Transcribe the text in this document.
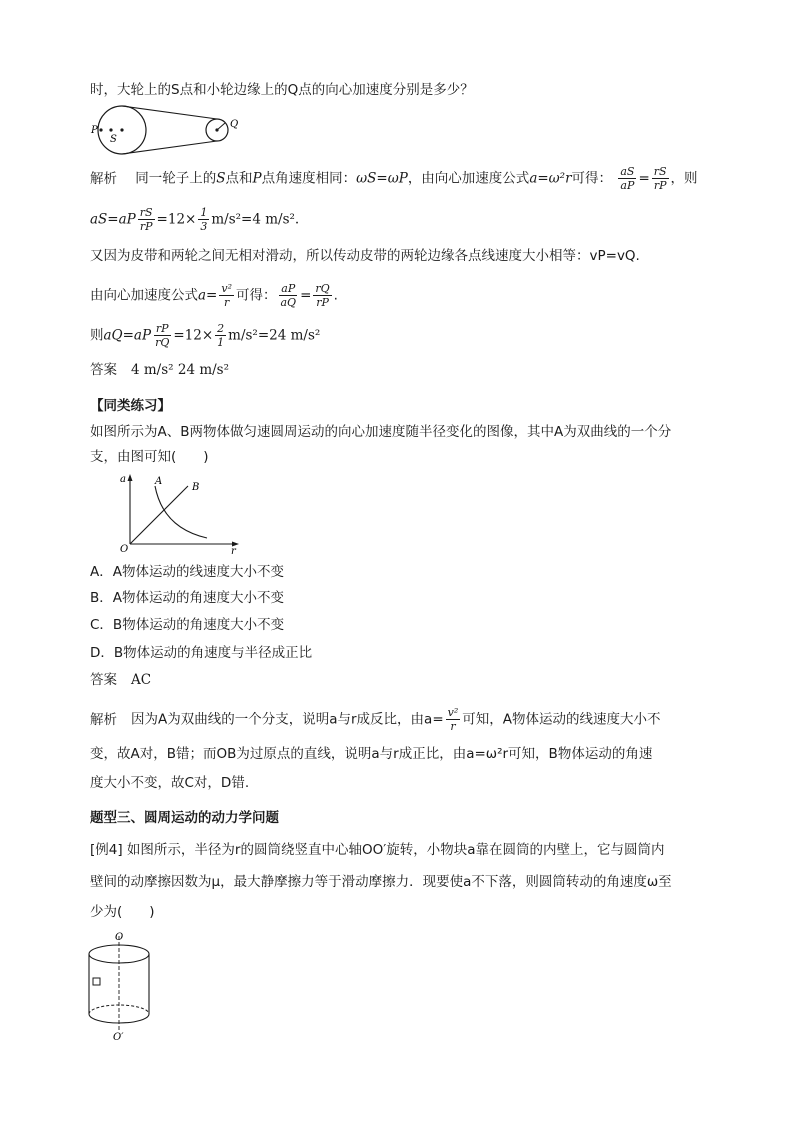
时，大轮上的S点和小轮边缘上的Q点的向心加速度分别是多少？
P
S
Q
解析 同一轮子上的S点和P点角速度相同：ωS=ωP，由向心加速度公式a=ω²r可得： $\frac{aS}{aP} = \frac{rS}{rP}$ ，则
$aS=aP \frac{rS}{rP} =12\times \frac{1}{3} m/s^2=4$ m/s².
又因为皮带和两轮之间无相对滑动，所以传动皮带的两轮边缘各点线速度大小相等：vP=vQ.
由向心加速度公式$a= \frac{\text{v²}}{r}$ 可得： $\frac{aP}{aQ} = \frac{rQ}{rP}$ .
则$aQ=aP \frac{rP}{rQ} =12\times \frac{2}{1} m/s^2=24$ m/s²
答案 4 m/s² 24 m/s²
【同类练习】
如图所示为A、B两物体做匀速圆周运动的向心加速度随半径变化的图像，其中A为双曲线的一个分
支，由图可知(　　)
a
r
O
A
B
A．A物体运动的线速度大小不变
B．A物体运动的角速度大小不变
C．B物体运动的角速度大小不变
D．B物体运动的角速度与半径成正比
答案 AC
解析 因为A为双曲线的一个分支，说明a与r成反比，由$a= \frac{\text{v²}}{r}$ 可知，A物体运动的线速度大小不
变，故A对，B错；而OB为过原点的直线，说明a与r成正比，由a=ω²r可知，B物体运动的角速
度大小不变，故C对，D错.
题型三、圆周运动的动力学问题
[例4] 如图所示，半径为r的圆筒绕竖直中心轴OO′旋转，小物块a靠在圆筒的内壁上，它与圆筒内
壁间的动摩擦因数为μ，最大静摩擦力等于滑动摩擦力．现要使a不下落，则圆筒转动的角速度ω至
少为(　　)
O
O′
